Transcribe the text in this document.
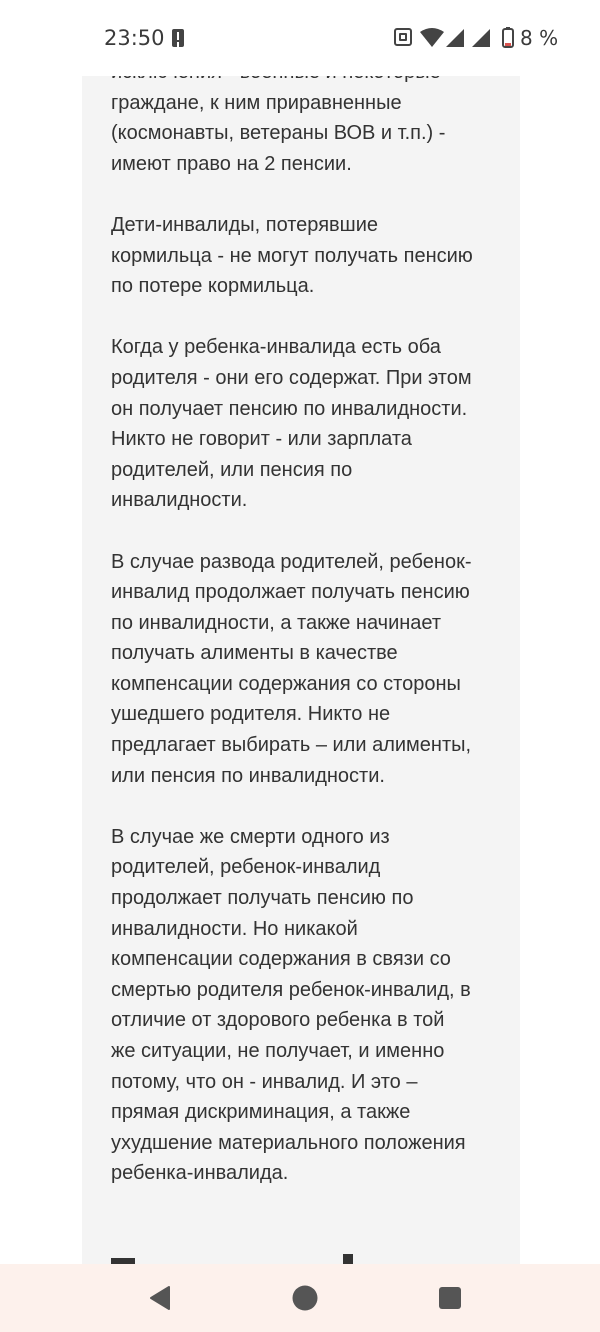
23:50	8 %

граждане, к ним приравненные
(космонавты, ветераны ВОВ и т.п.) -
имеют право на 2 пенсии.

Дети-инвалиды, потерявшие
кормильца - не могут получать пенсию
по потере кормильца.

Когда у ребенка-инвалида есть оба
родителя - они его содержат. При этом
он получает пенсию по инвалидности.
Никто не говорит - или зарплата
родителей, или пенсия по
инвалидности.

В случае развода родителей, ребенок-
инвалид продолжает получать пенсию
по инвалидности, а также начинает
получать алименты в качестве
компенсации содержания со стороны
ушедшего родителя. Никто не
предлагает выбирать – или алименты,
или пенсия по инвалидности.

В случае же смерти одного из
родителей, ребенок-инвалид
продолжает получать пенсию по
инвалидности. Но никакой
компенсации содержания в связи со
смертью родителя ребенок-инвалид, в
отличие от здорового ребенка в той
же ситуации, не получает, и именно
потому, что он - инвалид. И это –
прямая дискриминация, а также
ухудшение материального положения
ребенка-инвалида.
